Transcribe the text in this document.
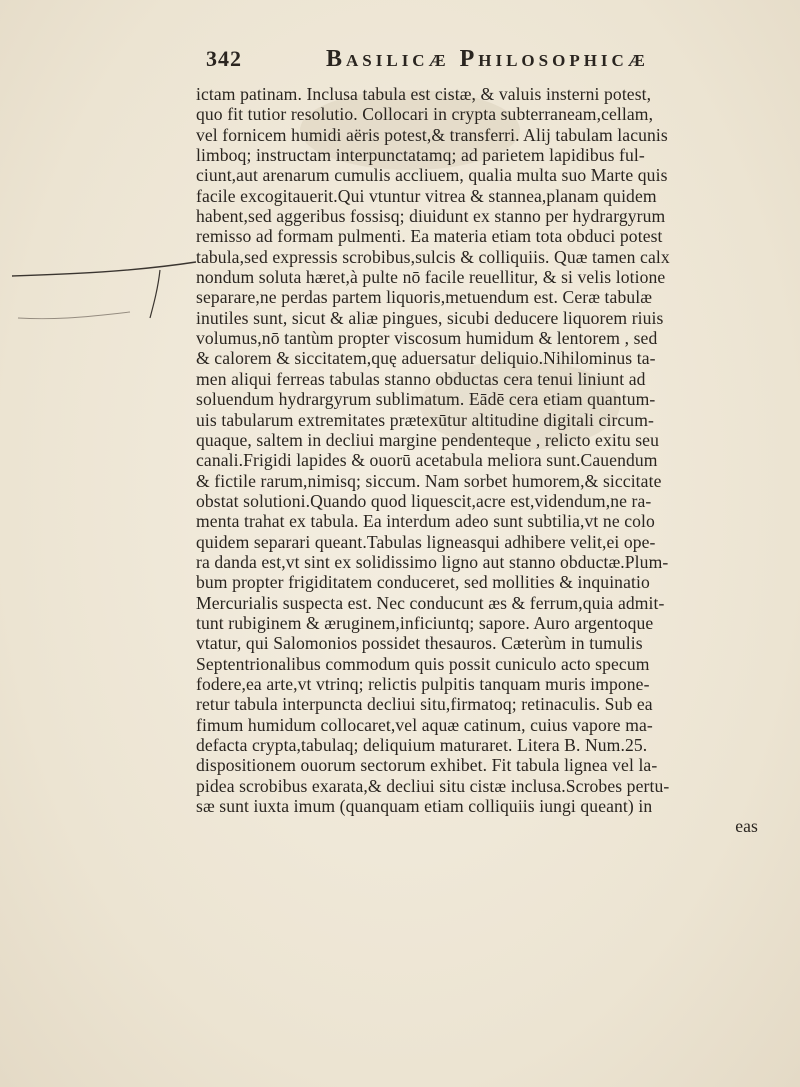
342	Basilicæ Philosophicæ
ictam patinam. Inclusa tabula est cistæ, & valuis insterni potest,
quo fit tutior resolutio. Collocari in crypta subterraneam,cellam,
vel fornicem humidi aëris potest,& transferri. Alij tabulam lacunis
limboq; instructam interpunctatamq; ad parietem lapidibus ful-
ciunt,aut arenarum cumulis accliuem, qualia multa suo Marte quis
facile excogitauerit.Qui vtuntur vitrea & stannea,planam quidem
habent,sed aggeribus fossisq; diuidunt ex stanno per hydrargyrum
remisso ad formam pulmenti. Ea materia etiam tota obduci potest
tabula,sed expressis scrobibus,sulcis & colliquiis. Quæ tamen calx
nondum soluta hæret,à pulte nō facile reuellitur, & si velis lotione
separare,ne perdas partem liquoris,metuendum est. Ceræ tabulæ
inutiles sunt, sicut & aliæ pingues, sicubi deducere liquorem riuis
volumus,nō tantùm propter viscosum humidum & lentorem , sed
& calorem & siccitatem,quę aduersatur deliquio.Nihilominus ta-
men aliqui ferreas tabulas stanno obductas cera tenui liniunt ad
soluendum hydrargyrum sublimatum. Eādē cera etiam quantum-
uis tabularum extremitates prætexūtur altitudine digitali circum-
quaque, saltem in decliui margine pendenteque , relicto exitu seu
canali.Frigidi lapides & ouorū acetabula meliora sunt.Cauendum
& fictile rarum,nimisq; siccum. Nam sorbet humorem,& siccitate
obstat solutioni.Quando quod liquescit,acre est,videndum,ne ra-
menta trahat ex tabula. Ea interdum adeo sunt subtilia,vt ne colo
quidem separari queant.Tabulas ligneasqui adhibere velit,ei ope-
ra danda est,vt sint ex solidissimo ligno aut stanno obductæ.Plum-
bum propter frigiditatem conduceret, sed mollities & inquinatio
Mercurialis suspecta est. Nec conducunt æs & ferrum,quia admit-
tunt rubiginem & æruginem,inficiuntq; sapore. Auro argentoque
vtatur, qui Salomonios possidet thesauros. Cæterùm in tumulis
Septentrionalibus commodum quis possit cuniculo acto specum
fodere,ea arte,vt vtrinq; relictis pulpitis tanquam muris impone-
retur tabula interpuncta decliui situ,firmatoq; retinaculis. Sub ea
fimum humidum collocaret,vel aquæ catinum, cuius vapore ma-
defacta crypta,tabulaq; deliquium maturaret. Litera B. Num.25.
dispositionem ouorum sectorum exhibet. Fit tabula lignea vel la-
pidea scrobibus exarata,& decliui situ cistæ inclusa.Scrobes pertu-
sæ sunt iuxta imum (quanquam etiam colliquiis iungi queant) in
eas
